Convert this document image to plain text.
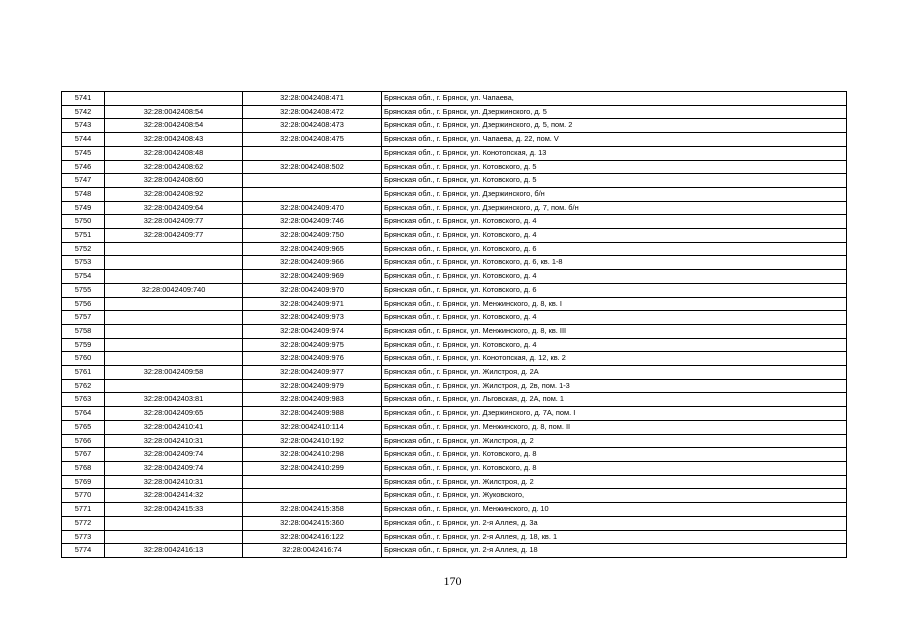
5741		32:28:0042408:471	Брянская обл., г. Брянск, ул. Чапаева,
5742	32:28:0042408:54	32:28:0042408:472	Брянская обл., г. Брянск, ул. Дзержинского, д. 5
5743	32:28:0042408:54	32:28:0042408:473	Брянская обл., г. Брянск, ул. Дзержинского, д. 5, пом. 2
5744	32:28:0042408:43	32:28:0042408:475	Брянская обл., г. Брянск, ул. Чапаева, д. 22, пом. V
5745	32:28:0042408:48		Брянская обл., г. Брянск, ул. Конотопская, д. 13
5746	32:28:0042408:62	32:28:0042408:502	Брянская обл., г. Брянск, ул. Котовского, д. 5
5747	32:28:0042408:60		Брянская обл., г. Брянск, ул. Котовского, д. 5
5748	32:28:0042408:92		Брянская обл., г. Брянск, ул. Дзержинского, б/н
5749	32:28:0042409:64	32:28:0042409:470	Брянская обл., г. Брянск, ул. Дзержинского, д. 7, пом. б/н
5750	32:28:0042409:77	32:28:0042409:746	Брянская обл., г. Брянск, ул. Котовского, д. 4
5751	32:28:0042409:77	32:28:0042409:750	Брянская обл., г. Брянск, ул. Котовского, д. 4
5752		32:28:0042409:965	Брянская обл., г. Брянск, ул. Котовского, д. 6
5753		32:28:0042409:966	Брянская обл., г. Брянск, ул. Котовского, д. 6, кв. 1-8
5754		32:28:0042409:969	Брянская обл., г. Брянск, ул. Котовского, д. 4
5755	32:28:0042409:740	32:28:0042409:970	Брянская обл., г. Брянск, ул. Котовского, д. 6
5756		32:28:0042409:971	Брянская обл., г. Брянск, ул. Менжинского, д. 8, кв. I
5757		32:28:0042409:973	Брянская обл., г. Брянск, ул. Котовского, д. 4
5758		32:28:0042409:974	Брянская обл., г. Брянск, ул. Менжинского, д. 8, кв. III
5759		32:28:0042409:975	Брянская обл., г. Брянск, ул. Котовского, д. 4
5760		32:28:0042409:976	Брянская обл., г. Брянск, ул. Конотопская, д. 12, кв. 2
5761	32:28:0042409:58	32:28:0042409:977	Брянская обл., г. Брянск, ул. Жилстроя, д. 2А
5762		32:28:0042409:979	Брянская обл., г. Брянск, ул. Жилстроя, д. 2в, пом. 1-3
5763	32:28:0042403:81	32:28:0042409:983	Брянская обл., г. Брянск, ул. Льговская, д. 2А, пом. 1
5764	32:28:0042409:65	32:28:0042409:988	Брянская обл., г. Брянск, ул. Дзержинского, д. 7А, пом. I
5765	32:28:0042410:41	32:28:0042410:114	Брянская обл., г. Брянск, ул. Менжинского, д. 8, пом. II
5766	32:28:0042410:31	32:28:0042410:192	Брянская обл., г. Брянск, ул. Жилстроя, д. 2
5767	32:28:0042409:74	32:28:0042410:298	Брянская обл., г. Брянск, ул. Котовского, д. 8
5768	32:28:0042409:74	32:28:0042410:299	Брянская обл., г. Брянск, ул. Котовского, д. 8
5769	32:28:0042410:31		Брянская обл., г. Брянск, ул. Жилстроя, д. 2
5770	32:28:0042414:32		Брянская обл., г. Брянск, ул. Жуковского,
5771	32:28:0042415:33	32:28:0042415:358	Брянская обл., г. Брянск, ул. Менжинского, д. 10
5772		32:28:0042415:360	Брянская обл., г. Брянск, ул. 2-я Аллея, д. 3а
5773		32:28:0042416:122	Брянская обл., г. Брянск, ул. 2-я Аллея, д. 18, кв. 1
5774	32:28:0042416:13	32:28:0042416:74	Брянская обл., г. Брянск, ул. 2-я Аллея, д. 18
170
